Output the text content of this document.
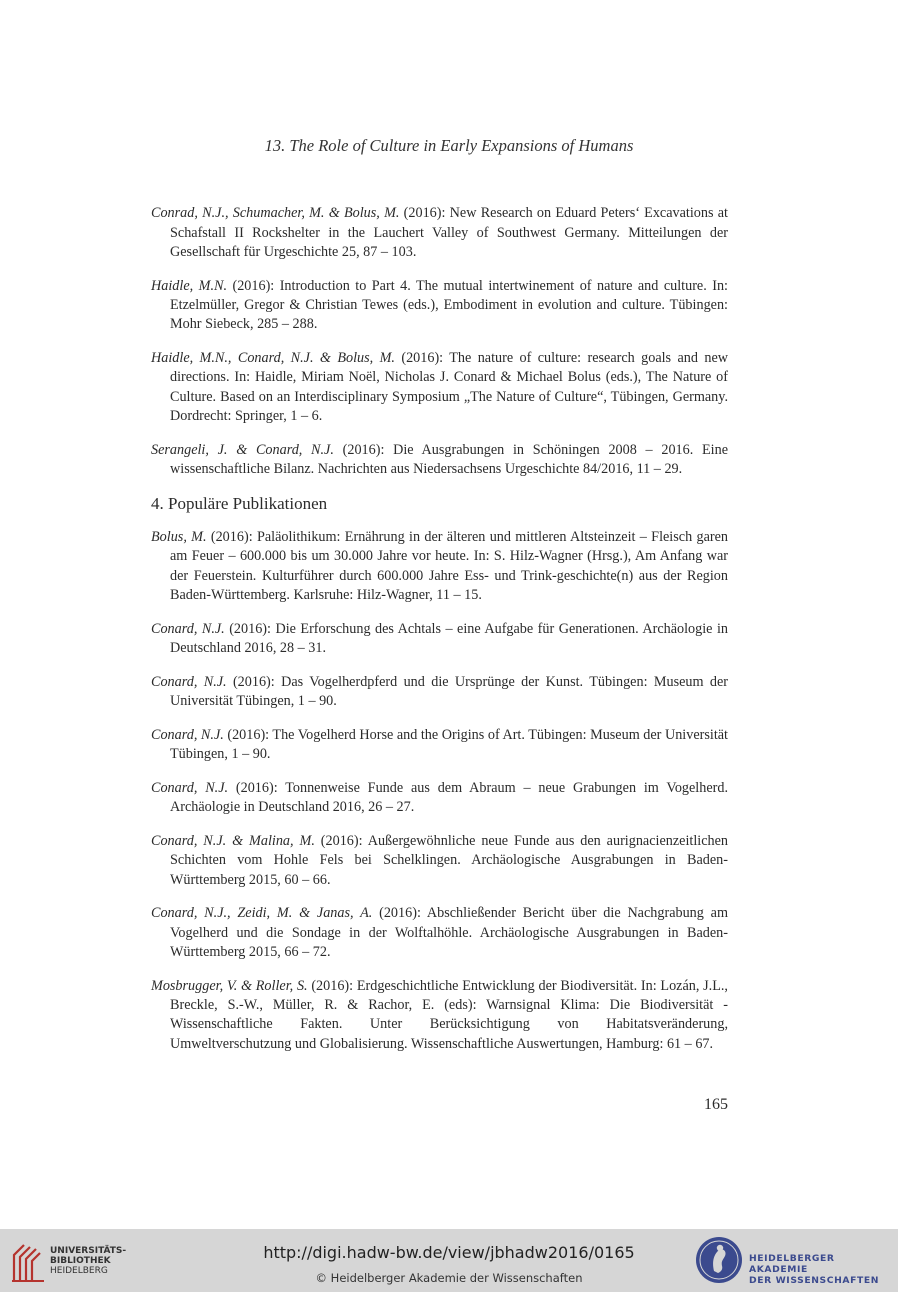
13. The Role of Culture in Early Expansions of Humans

Conrad, N.J., Schumacher, M. & Bolus, M. (2016): New Research on Eduard Peters‘ Excavations at Schafstall II Rockshelter in the Lauchert Valley of Southwest Germany. Mitteilungen der Gesellschaft für Urgeschichte 25, 87 – 103.

Haidle, M.N. (2016): Introduction to Part 4. The mutual intertwinement of nature and culture. In: Etzelmüller, Gregor & Christian Tewes (eds.), Embodiment in evolution and culture. Tübingen: Mohr Siebeck, 285 – 288.

Haidle, M.N., Conard, N.J. & Bolus, M. (2016): The nature of culture: research goals and new directions. In: Haidle, Miriam Noël, Nicholas J. Conard & Michael Bolus (eds.), The Nature of Culture. Based on an Interdisciplinary Symposium „The Nature of Culture“, Tübingen, Germany. Dordrecht: Springer, 1 – 6.

Serangeli, J. & Conard, N.J. (2016): Die Ausgrabungen in Schöningen 2008 – 2016. Eine wissenschaftliche Bilanz. Nachrichten aus Niedersachsens Urgeschichte 84/2016, 11 – 29.

4. Populäre Publikationen

Bolus, M. (2016): Paläolithikum: Ernährung in der älteren und mittleren Altsteinzeit – Fleisch garen am Feuer – 600.000 bis um 30.000 Jahre vor heute. In: S. Hilz-Wagner (Hrsg.), Am Anfang war der Feuerstein. Kulturführer durch 600.000 Jahre Ess- und Trink-geschichte(n) aus der Region Baden-Württemberg. Karlsruhe: Hilz-Wagner, 11 – 15.

Conard, N.J. (2016): Die Erforschung des Achtals – eine Aufgabe für Generationen. Archäologie in Deutschland 2016, 28 – 31.

Conard, N.J. (2016): Das Vogelherdpferd und die Ursprünge der Kunst. Tübingen: Museum der Universität Tübingen, 1 – 90.

Conard, N.J. (2016): The Vogelherd Horse and the Origins of Art. Tübingen: Museum der Universität Tübingen, 1 – 90.

Conard, N.J. (2016): Tonnenweise Funde aus dem Abraum – neue Grabungen im Vogelherd. Archäologie in Deutschland 2016, 26 – 27.

Conard, N.J. & Malina, M. (2016): Außergewöhnliche neue Funde aus den aurignacienzeitlichen Schichten vom Hohle Fels bei Schelklingen. Archäologische Ausgrabungen in Baden-Württemberg 2015, 60 – 66.

Conard, N.J., Zeidi, M. & Janas, A. (2016): Abschließender Bericht über die Nachgrabung am Vogelherd und die Sondage in der Wolftalhöhle. Archäologische Ausgrabungen in Baden-Württemberg 2015, 66 – 72.

Mosbrugger, V. & Roller, S. (2016): Erdgeschichtliche Entwicklung der Biodiversität. In: Lozán, J.L., Breckle, S.-W., Müller, R. & Rachor, E. (eds): Warnsignal Klima: Die Biodiversität - Wissenschaftliche Fakten. Unter Berücksichtigung von Habitatsveränderung, Umweltverschutzung und Globalisierung. Wissenschaftliche Auswertungen, Hamburg: 61 – 67.

165
UNIVERSITÄTS-
BIBLIOTHEK
HEIDELBERG
http://digi.hadw-bw.de/view/jbhadw2016/0165
© Heidelberger Akademie der Wissenschaften
HEIDELBERGER AKADEMIE
DER WISSENSCHAFTEN
